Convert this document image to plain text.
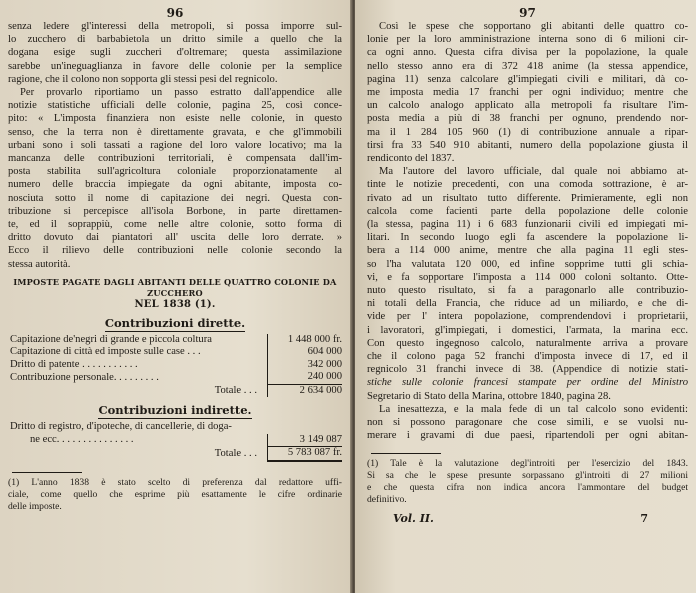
96

senza ledere gl'interessi della metropoli, si possa imporre sul-
lo zucchero di barbabietola un dritto simile a quello che la
dogana esige sugli zuccheri d'oltremare; questa assimilazione
sarebbe un'ineguaglianza in favore delle colonie per la semplice
ragione, che il colono non sopporta gli stessi pesi del regnicolo.

Per provarlo riportiamo un passo estratto dall'appendice alle
notizie statistiche ufficiali delle colonie, pagina 25, così conce-
pito: « L'imposta finanziera non esiste nelle colonie, in questo
senso, che la terra non è direttamente gravata, e che gl'immobili
urbani sono i soli tassati a ragione del loro valore locativo; ma la
mancanza delle contribuzioni territoriali, è compensata dall'im-
posta stabilita sull'agricoltura coloniale proporzionatamente al
numero delle braccia impiegate da ogni abitante, imposta co-
nosciuta sotto il nome di capitazione dei negri. Questa con-
tribuzione si percepisce all'isola Borbone, in parte direttamen-
te, ed il soprappiù, come nelle altre colonie, sotto forma di
dritto dovuto dai piantatori all' uscita delle loro derrate. »
Ecco il rilievo delle contribuzioni nelle colonie secondo la
stessa autorità.

IMPOSTE PAGATE DAGLI ABITANTI DELLE QUATTRO COLONIE DA ZUCCHERO
NEL 1838 (1).
Contribuzioni dirette.
Capitazione de'negri di grande e piccola coltura	1 448 000 fr.
Capitazione di città ed imposte sulle case . . .	604 000
Dritto di patente . . . . . . . . . . .	342 000
Contribuzione personale. . . . . . . . .	240 000
Totale . . .	2 634 000
Contribuzioni indirette.
Dritto di registro, d'ipoteche, di cancellerie, di doga-	
ne ecc. . . . . . . . . . . . . . .	3 149 087
Totale . . .	5 783 087 fr.
(1) L'anno 1838 è stato scelto di preferenza dal redattore uffi-
ciale, come quello che esprime più esattamente le cifre ordinarie
delle imposte.
97

Così le spese che sopportano gli abitanti delle quattro co-
lonie per la loro amministrazione interna sono di 6 milioni cir-
ca ogni anno. Questa cifra divisa per la popolazione, la quale
nello stesso anno era di 372 418 anime (la stessa appendice,
pagina 11) senza calcolare gl'impiegati civili e militari, dà co-
me imposta media 17 franchi per ogni individuo; mentre che
un calcolo analogo applicato alla metropoli fa risultare l'im-
posta media a più di 38 franchi per ognuno, prendendo nor-
ma il 1 284 105 960 (1) di contribuzione annuale a ripar-
tirsi fra 33 540 910 abitanti, numero della popolazione giusta il
rendiconto del 1837.

Ma l'autore del lavoro ufficiale, dal quale noi abbiamo at-
tinte le notizie precedenti, con una comoda sottrazione, è ar-
rivato ad un risultato tutto differente. Primieramente, egli non
calcola come facienti parte della popolazione delle colonie
(la stessa, pagina 11) i 6 683 funzionarii civili ed impiegati mi-
litari. In secondo luogo egli fa ascendere la popolazione li-
bera a 114 000 anime, mentre che alla pagina 11 egli stes-
so l'ha valutata 120 000, ed infine sopprime tutti gli schia-
vi, e fa sopportare l'imposta a 114 000 coloni soltanto. Otte-
nuto questo risultato, si fa a paragonarlo alle contribuzio-
ni totali della Francia, che riduce ad un miliardo, e che di-
vide per l' intera popolazione, comprendendovi i proprietarii,
i lavoratori, gl'impiegati, i domestici, l'armata, la marina ecc.
Con questo ingegnoso calcolo, naturalmente arriva a provare
che il colono paga 52 franchi d'imposta invece di 17, ed il
regnicolo 31 franchi invece di 38. (Appendice di notizie stati-
stiche sulle colonie francesi stampate per ordine del Ministro
Segretario di Stato della Marina, ottobre 1840, pagina 28.

La inesattezza, e la mala fede di un tal calcolo sono evidenti:
non si possono paragonare che cose simili, e se vuolsi nu-
merare i gravami di due paesi, ripartendoli per ogni abitan-

(1) Tale è la valutazione degl'introiti per l'esercizio del 1843.
Si sa che le spese presunte sorpassano gl'introiti di 27 milioni
e che questa cifra non indica ancora l'ammontare del budget
definitivo.
Vol. II.	7
